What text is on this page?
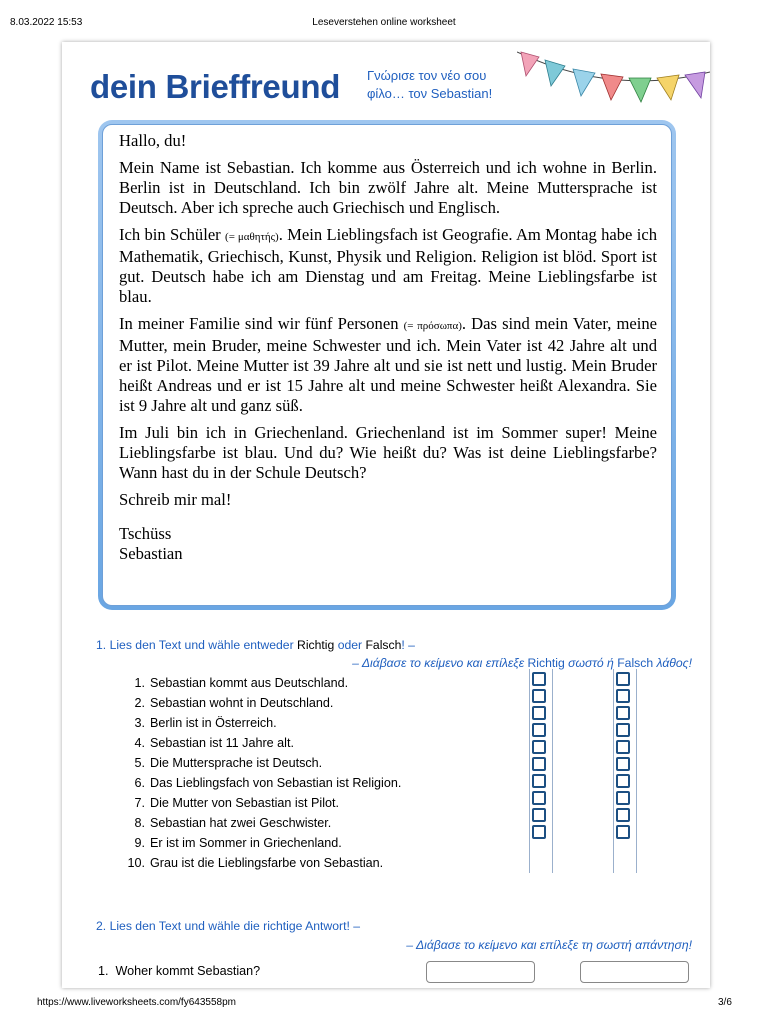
8.03.2022 15:53	Leseverstehen online worksheet
dein Brieffreund Γνώρισε τον νέο σου
φίλο… τον Sebastian!

Hallo, du!

Mein Name ist Sebastian. Ich komme aus Österreich und ich wohne in Berlin. Berlin ist in Deutschland. Ich bin zwölf Jahre alt. Meine Muttersprache ist Deutsch. Aber ich spreche auch Griechisch und Englisch.

Ich bin Schüler (= μαθητής). Mein Lieblingsfach ist Geografie. Am Montag habe ich Mathematik, Griechisch, Kunst, Physik und Religion. Religion ist blöd. Sport ist gut. Deutsch habe ich am Dienstag und am Freitag. Meine Lieblingsfarbe ist blau.

In meiner Familie sind wir fünf Personen (= πρόσωπα). Das sind mein Vater, meine Mutter, mein Bruder, meine Schwester und ich. Mein Vater ist 42 Jahre alt und er ist Pilot. Meine Mutter ist 39 Jahre alt und sie ist nett und lustig. Mein Bruder heißt Andreas und er ist 15 Jahre alt und meine Schwester heißt Alexandra. Sie ist 9 Jahre alt und ganz süß.

Im Juli bin ich in Griechenland. Griechenland ist im Sommer super! Meine Lieblingsfarbe ist blau. Und du? Wie heißt du? Was ist deine Lieblingsfarbe? Wann hast du in der Schule Deutsch?

Schreib mir mal!

Tschüss

Sebastian

1. Lies den Text und wähle entweder Richtig oder Falsch! –
– Διάβασε το κείμενο και επίλεξε Richtig σωστό ή Falsch λάθος!
1. Sebastian kommt aus Deutschland.
2. Sebastian wohnt in Deutschland.
3. Berlin ist in Österreich.
4. Sebastian ist 11 Jahre alt.
5. Die Muttersprache ist Deutsch.
6. Das Lieblingsfach von Sebastian ist Religion.
7. Die Mutter von Sebastian ist Pilot.
8. Sebastian hat zwei Geschwister.
9. Er ist im Sommer in Griechenland.
10. Grau ist die Lieblingsfarbe von Sebastian.
2. Lies den Text und wähle die richtige Antwort! –
– Διάβασε το κείμενο και επίλεξε τη σωστή απάντηση!
1. Woher kommt Sebastian?
https://www.liveworksheets.com/fy643558pm	3/6
